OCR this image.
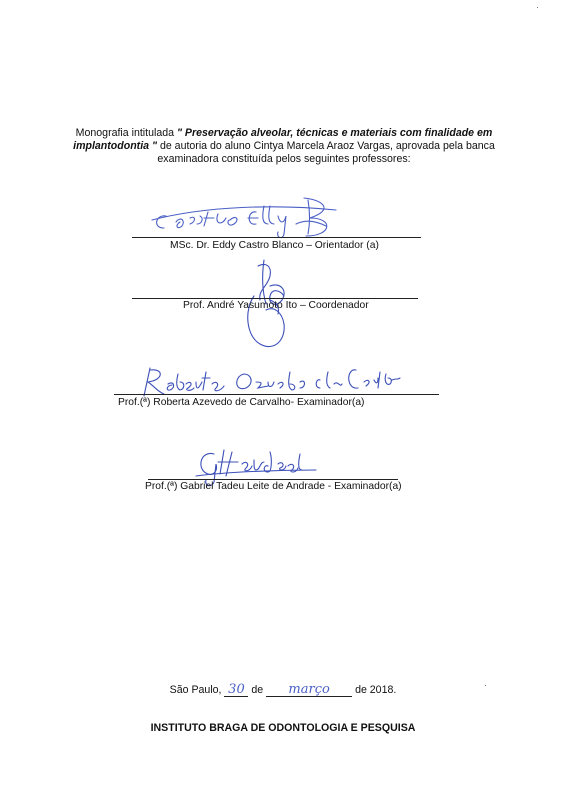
Monografia intitulada " Preservação alveolar, técnicas e materiais com finalidade em implantodontia " de autoria do aluno Cintya Marcela Araoz Vargas, aprovada pela banca examinadora constituída pelos seguintes professores:
MSc. Dr. Eddy Castro Blanco – Orientador (a)
Prof. André Yasumoto Ito – Coordenador
Prof.(ª) Roberta Azevedo de Carvalho- Examinador(a)
Prof.(ª) Gabriel Tadeu Leite de Andrade - Examinador(a)
São Paulo, 30 de	março	de 2018.
INSTITUTO BRAGA DE ODONTOLOGIA E PESQUISA
·
·
